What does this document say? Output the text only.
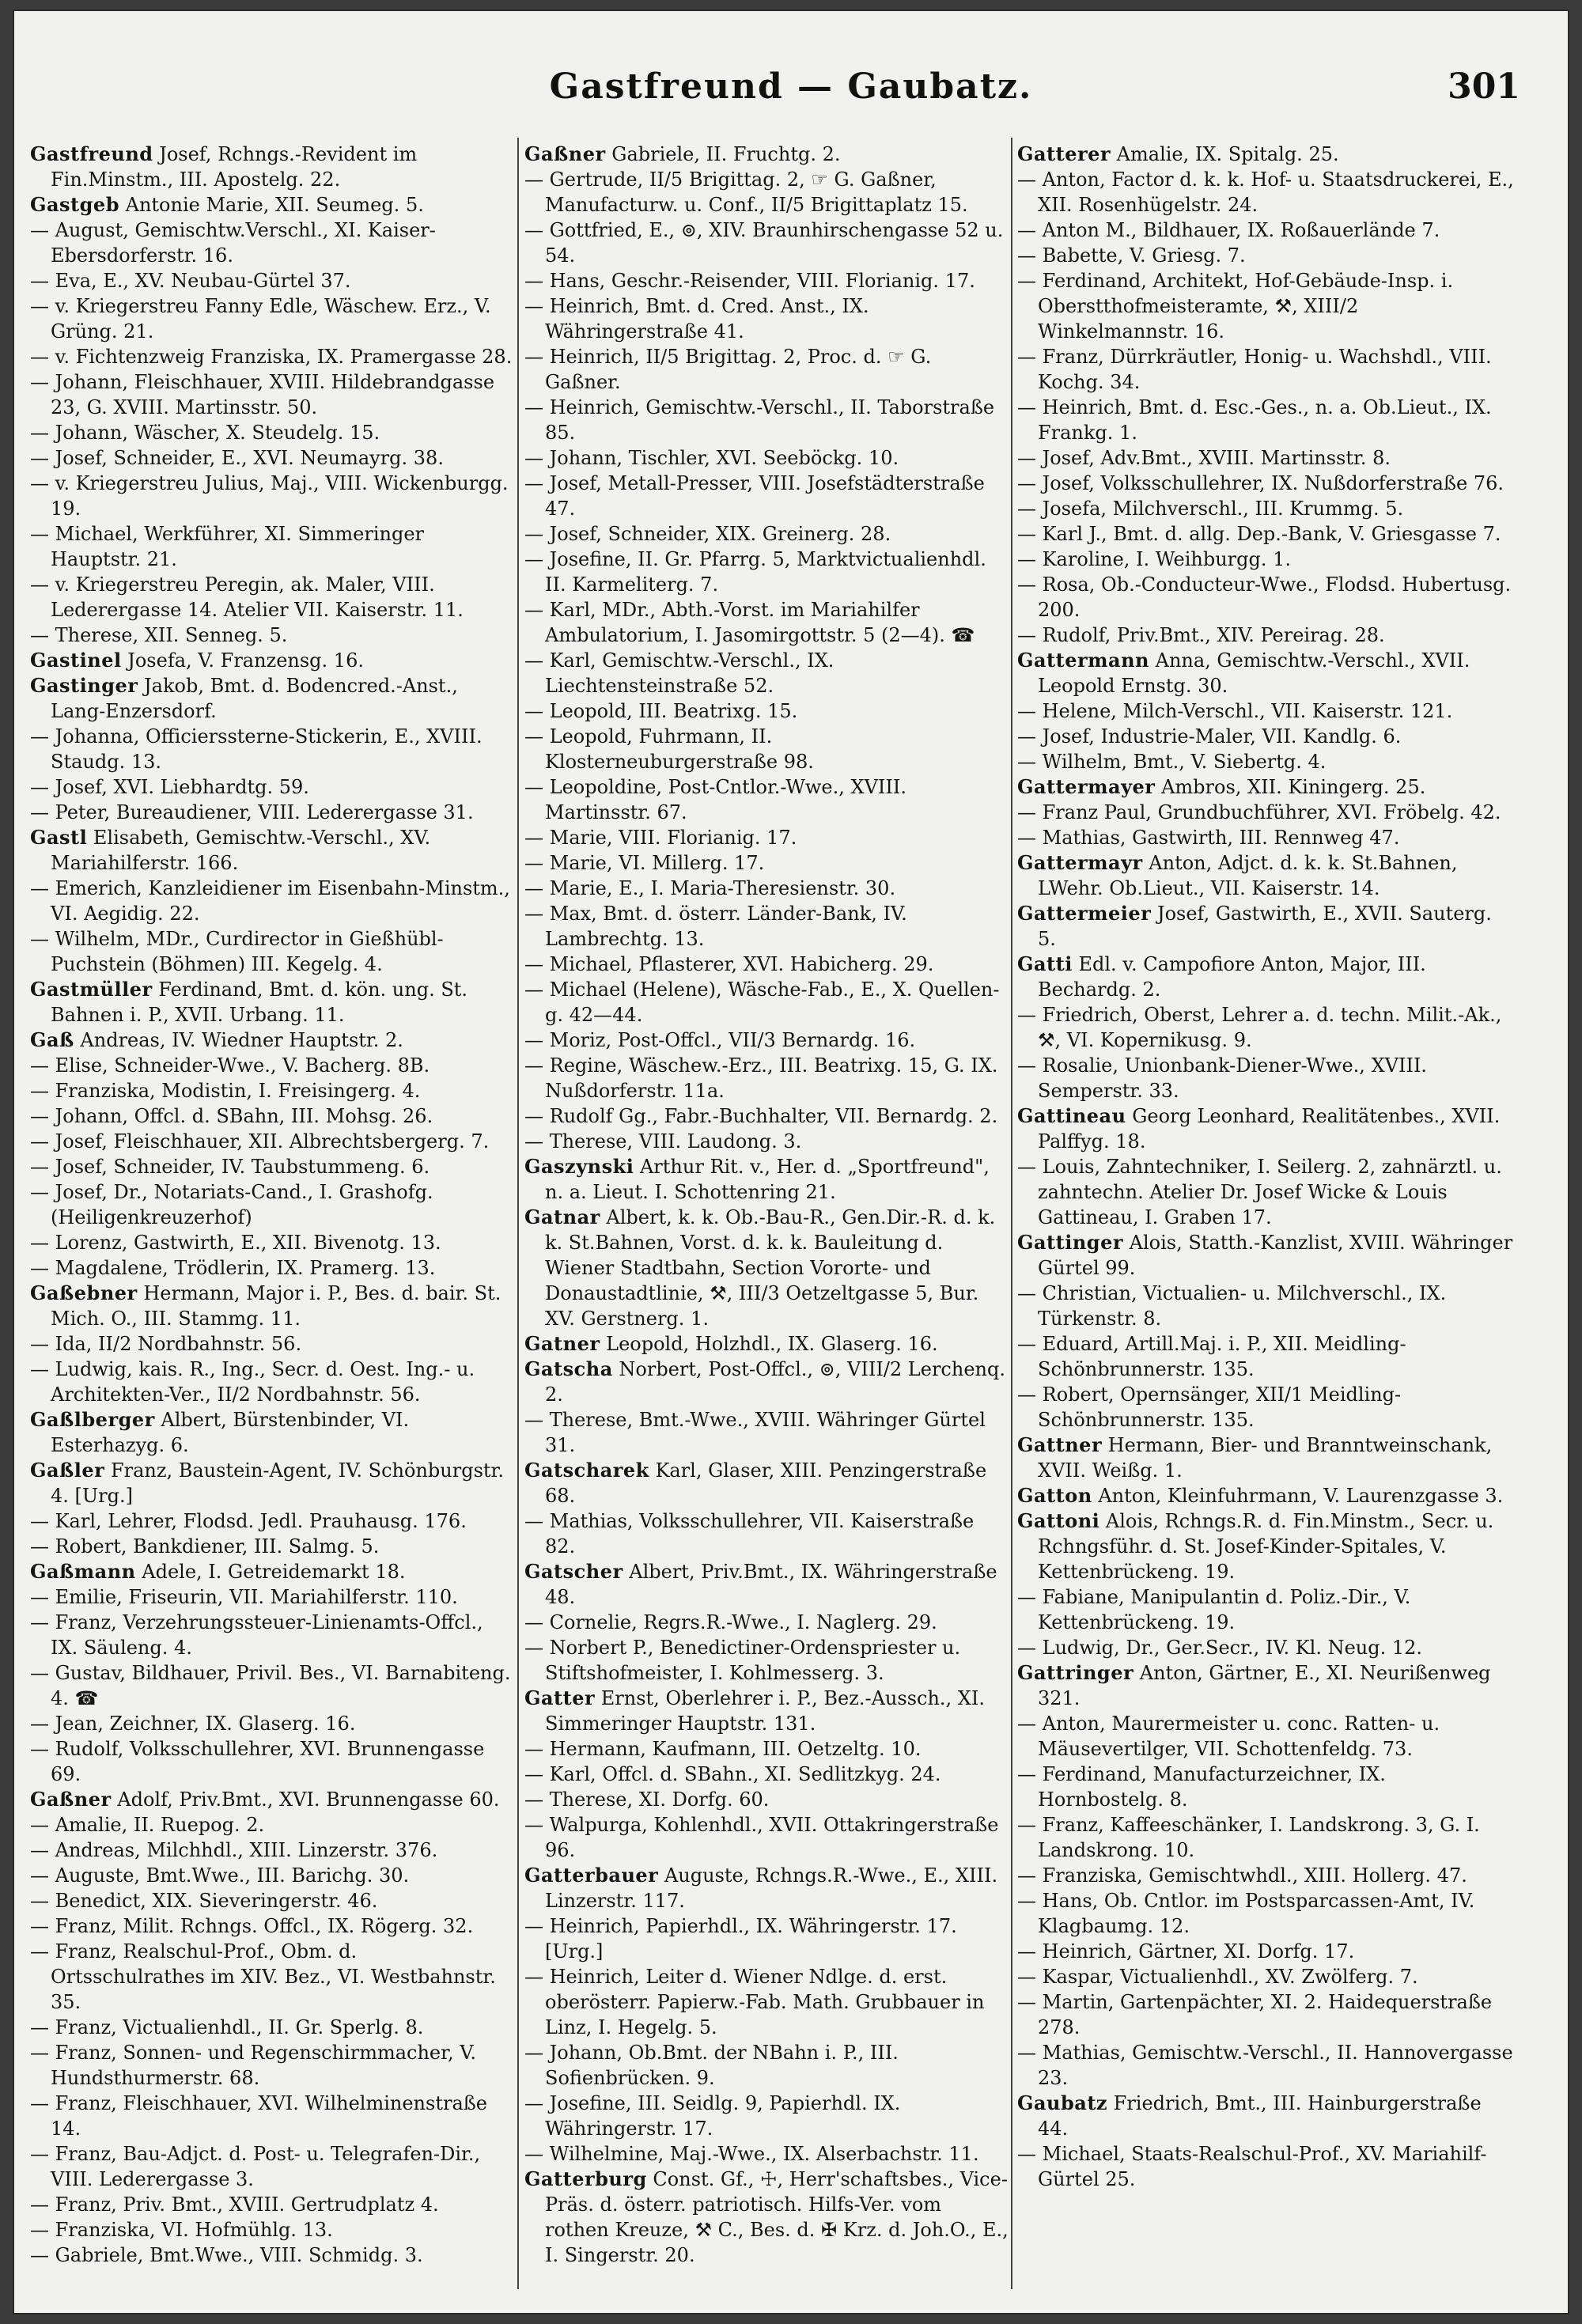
Gastfreund — Gaubatz.	301

Gastfreund Josef, Rchngs.-Revident im Fin.Minstm., III. Apostelg. 22.

Gastgeb Antonie Marie, XII. Seumeg. 5.

— August, Gemischtw.Verschl., XI. Kaiser-Ebersdorferstr. 16.

— Eva, E., XV. Neubau-Gürtel 37.

— v. Kriegerstreu Fanny Edle, Wäschew. Erz., V. Grüng. 21.

— v. Fichtenzweig Franziska, IX. Pramergasse 28.

— Johann, Fleischhauer, XVIII. Hildebrandgasse 23, G. XVIII. Martinsstr. 50.

— Johann, Wäscher, X. Steudelg. 15.

— Josef, Schneider, E., XVI. Neumayrg. 38.

— v. Kriegerstreu Julius, Maj., VIII. Wickenburgg. 19.

— Michael, Werkführer, XI. Simmeringer Hauptstr. 21.

— v. Kriegerstreu Peregin, ak. Maler, VIII. Lederergasse 14. Atelier VII. Kaiserstr. 11.

— Therese, XII. Senneg. 5.

Gastinel Josefa, V. Franzensg. 16.

Gastinger Jakob, Bmt. d. Bodencred.-Anst., Lang-Enzersdorf.

— Johanna, Officierssterne-Stickerin, E., XVIII. Staudg. 13.

— Josef, XVI. Liebhardtg. 59.

— Peter, Bureaudiener, VIII. Lederergasse 31.

Gastl Elisabeth, Gemischtw.-Verschl., XV. Mariahilferstr. 166.

— Emerich, Kanzleidiener im Eisenbahn-Minstm., VI. Aegidig. 22.

— Wilhelm, MDr., Curdirector in Gießhübl-Puchstein (Böhmen) III. Kegelg. 4.

Gastmüller Ferdinand, Bmt. d. kön. ung. St. Bahnen i. P., XVII. Urbang. 11.

Gaß Andreas, IV. Wiedner Hauptstr. 2.

— Elise, Schneider-Wwe., V. Bacherg. 8B.

— Franziska, Modistin, I. Freisingerg. 4.

— Johann, Offcl. d. SBahn, III. Mohsg. 26.

— Josef, Fleischhauer, XII. Albrechtsbergerg. 7.

— Josef, Schneider, IV. Taubstummeng. 6.

— Josef, Dr., Notariats-Cand., I. Grashofg. (Heiligenkreuzerhof)

— Lorenz, Gastwirth, E., XII. Bivenotg. 13.

— Magdalene, Trödlerin, IX. Pramerg. 13.

Gaßebner Hermann, Major i. P., Bes. d. bair. St. Mich. O., III. Stammg. 11.

— Ida, II/2 Nordbahnstr. 56.

— Ludwig, kais. R., Ing., Secr. d. Oest. Ing.- u. Architekten-Ver., II/2 Nordbahnstr. 56.

Gaßlberger Albert, Bürstenbinder, VI. Esterhazyg. 6.

Gaßler Franz, Baustein-Agent, IV. Schönburgstr. 4. [Urg.]

— Karl, Lehrer, Flodsd. Jedl. Prauhausg. 176.

— Robert, Bankdiener, III. Salmg. 5.

Gaßmann Adele, I. Getreidemarkt 18.

— Emilie, Friseurin, VII. Mariahilferstr. 110.

— Franz, Verzehrungssteuer-Linienamts-Offcl., IX. Säuleng. 4.

— Gustav, Bildhauer, Privil. Bes., VI. Barnabiteng. 4. ☎

— Jean, Zeichner, IX. Glaserg. 16.

— Rudolf, Volksschullehrer, XVI. Brunnengasse 69.

Gaßner Adolf, Priv.Bmt., XVI. Brunnengasse 60.

— Amalie, II. Ruepog. 2.

— Andreas, Milchhdl., XIII. Linzerstr. 376.

— Auguste, Bmt.Wwe., III. Barichg. 30.

— Benedict, XIX. Sieveringerstr. 46.

— Franz, Milit. Rchngs. Offcl., IX. Rögerg. 32.

— Franz, Realschul-Prof., Obm. d. Ortsschulrathes im XIV. Bez., VI. Westbahnstr. 35.

— Franz, Victualienhdl., II. Gr. Sperlg. 8.

— Franz, Sonnen- und Regenschirmmacher, V. Hundsthurmerstr. 68.

— Franz, Fleischhauer, XVI. Wilhelminenstraße 14.

— Franz, Bau-Adjct. d. Post- u. Telegrafen-Dir., VIII. Lederergasse 3.

— Franz, Priv. Bmt., XVIII. Gertrudplatz 4.

— Franziska, VI. Hofmühlg. 13.

— Gabriele, Bmt.Wwe., VIII. Schmidg. 3.

Gaßner Gabriele, II. Fruchtg. 2.

— Gertrude, II/5 Brigittag. 2, ☞ G. Gaßner, Manufacturw. u. Conf., II/5 Brigittaplatz 15.

— Gottfried, E., ⊚, XIV. Braunhirschengasse 52 u. 54.

— Hans, Geschr.-Reisender, VIII. Florianig. 17.

— Heinrich, Bmt. d. Cred. Anst., IX. Währingerstraße 41.

— Heinrich, II/5 Brigittag. 2, Proc. d. ☞ G. Gaßner.

— Heinrich, Gemischtw.-Verschl., II. Taborstraße 85.

— Johann, Tischler, XVI. Seeböckg. 10.

— Josef, Metall-Presser, VIII. Josefstädterstraße 47.

— Josef, Schneider, XIX. Greinerg. 28.

— Josefine, II. Gr. Pfarrg. 5, Marktvictualienhdl. II. Karmeliterg. 7.

— Karl, MDr., Abth.-Vorst. im Mariahilfer Ambulatorium, I. Jasomirgottstr. 5 (2—4). ☎

— Karl, Gemischtw.-Verschl., IX. Liechtensteinstraße 52.

— Leopold, III. Beatrixg. 15.

— Leopold, Fuhrmann, II. Klosterneuburgerstraße 98.

— Leopoldine, Post-Cntlor.-Wwe., XVIII. Martinsstr. 67.

— Marie, VIII. Florianig. 17.

— Marie, VI. Millerg. 17.

— Marie, E., I. Maria-Theresienstr. 30.

— Max, Bmt. d. österr. Länder-Bank, IV. Lambrechtg. 13.

— Michael, Pflasterer, XVI. Habicherg. 29.

— Michael (Helene), Wäsche-Fab., E., X. Quelleng. 42—44.

— Moriz, Post-Offcl., VII/3 Bernardg. 16.

— Regine, Wäschew.-Erz., III. Beatrixg. 15, G. IX. Nußdorferstr. 11a.

— Rudolf Gg., Fabr.-Buchhalter, VII. Bernardg. 2.

— Therese, VIII. Laudong. 3.

Gaszynski Arthur Rit. v., Her. d. „Sportfreund", n. a. Lieut. I. Schottenring 21.

Gatnar Albert, k. k. Ob.-Bau-R., Gen.Dir.-R. d. k. k. St.Bahnen, Vorst. d. k. k. Bauleitung d. Wiener Stadtbahn, Section Vororte- und Donaustadtlinie, ⚒, III/3 Oetzeltgasse 5, Bur. XV. Gerstnerg. 1.

Gatner Leopold, Holzhdl., IX. Glaserg. 16.

Gatscha Norbert, Post-Offcl., ⊚, VIII/2 Lerchenq. 2.

— Therese, Bmt.-Wwe., XVIII. Währinger Gürtel 31.

Gatscharek Karl, Glaser, XIII. Penzingerstraße 68.

— Mathias, Volksschullehrer, VII. Kaiserstraße 82.

Gatscher Albert, Priv.Bmt., IX. Währingerstraße 48.

— Cornelie, Regrs.R.-Wwe., I. Naglerg. 29.

— Norbert P., Benedictiner-Ordenspriester u. Stiftshofmeister, I. Kohlmesserg. 3.

Gatter Ernst, Oberlehrer i. P., Bez.-Aussch., XI. Simmeringer Hauptstr. 131.

— Hermann, Kaufmann, III. Oetzeltg. 10.

— Karl, Offcl. d. SBahn., XI. Sedlitzkyg. 24.

— Therese, XI. Dorfg. 60.

— Walpurga, Kohlenhdl., XVII. Ottakringerstraße 96.

Gatterbauer Auguste, Rchngs.R.-Wwe., E., XIII. Linzerstr. 117.

— Heinrich, Papierhdl., IX. Währingerstr. 17. [Urg.]

— Heinrich, Leiter d. Wiener Ndlge. d. erst. oberösterr. Papierw.-Fab. Math. Grubbauer in Linz, I. Hegelg. 5.

— Johann, Ob.Bmt. der NBahn i. P., III. Sofienbrücken. 9.

— Josefine, III. Seidlg. 9, Papierhdl. IX. Währingerstr. 17.

— Wilhelmine, Maj.-Wwe., IX. Alserbachstr. 11.

Gatterburg Const. Gf., ☩, Herr'schaftsbes., Vice-Präs. d. österr. patriotisch. Hilfs-Ver. vom rothen Kreuze, ⚒ C., Bes. d. ✠ Krz. d. Joh.O., E., I. Singerstr. 20.

Gatterer Amalie, IX. Spitalg. 25.

— Anton, Factor d. k. k. Hof- u. Staatsdruckerei, E., XII. Rosenhügelstr. 24.

— Anton M., Bildhauer, IX. Roßauerlände 7.

— Babette, V. Griesg. 7.

— Ferdinand, Architekt, Hof-Gebäude-Insp. i. Oberstthofmeisteramte, ⚒, XIII/2 Winkelmannstr. 16.

— Franz, Dürrkräutler, Honig- u. Wachshdl., VIII. Kochg. 34.

— Heinrich, Bmt. d. Esc.-Ges., n. a. Ob.Lieut., IX. Frankg. 1.

— Josef, Adv.Bmt., XVIII. Martinsstr. 8.

— Josef, Volksschullehrer, IX. Nußdorferstraße 76.

— Josefa, Milchverschl., III. Krummg. 5.

— Karl J., Bmt. d. allg. Dep.-Bank, V. Griesgasse 7.

— Karoline, I. Weihburgg. 1.

— Rosa, Ob.-Conducteur-Wwe., Flodsd. Hubertusg. 200.

— Rudolf, Priv.Bmt., XIV. Pereirag. 28.

Gattermann Anna, Gemischtw.-Verschl., XVII. Leopold Ernstg. 30.

— Helene, Milch-Verschl., VII. Kaiserstr. 121.

— Josef, Industrie-Maler, VII. Kandlg. 6.

— Wilhelm, Bmt., V. Siebertg. 4.

Gattermayer Ambros, XII. Kiningerg. 25.

— Franz Paul, Grundbuchführer, XVI. Fröbelg. 42.

— Mathias, Gastwirth, III. Rennweg 47.

Gattermayr Anton, Adjct. d. k. k. St.Bahnen, LWehr. Ob.Lieut., VII. Kaiserstr. 14.

Gattermeier Josef, Gastwirth, E., XVII. Sauterg. 5.

Gatti Edl. v. Campofiore Anton, Major, III. Bechardg. 2.

— Friedrich, Oberst, Lehrer a. d. techn. Milit.-Ak., ⚒, VI. Kopernikusg. 9.

— Rosalie, Unionbank-Diener-Wwe., XVIII. Semperstr. 33.

Gattineau Georg Leonhard, Realitätenbes., XVII. Palffyg. 18.

— Louis, Zahntechniker, I. Seilerg. 2, zahnärztl. u. zahntechn. Atelier Dr. Josef Wicke & Louis Gattineau, I. Graben 17.

Gattinger Alois, Statth.-Kanzlist, XVIII. Währinger Gürtel 99.

— Christian, Victualien- u. Milchverschl., IX. Türkenstr. 8.

— Eduard, Artill.Maj. i. P., XII. Meidling-Schönbrunnerstr. 135.

— Robert, Opernsänger, XII/1 Meidling-Schönbrunnerstr. 135.

Gattner Hermann, Bier- und Branntweinschank, XVII. Weißg. 1.

Gatton Anton, Kleinfuhrmann, V. Laurenzgasse 3.

Gattoni Alois, Rchngs.R. d. Fin.Minstm., Secr. u. Rchngsführ. d. St. Josef-Kinder-Spitales, V. Kettenbrückeng. 19.

— Fabiane, Manipulantin d. Poliz.-Dir., V. Kettenbrückeng. 19.

— Ludwig, Dr., Ger.Secr., IV. Kl. Neug. 12.

Gattringer Anton, Gärtner, E., XI. Neurißenweg 321.

— Anton, Maurermeister u. conc. Ratten- u. Mäusevertilger, VII. Schottenfeldg. 73.

— Ferdinand, Manufacturzeichner, IX. Hornbostelg. 8.

— Franz, Kaffeeschänker, I. Landskrong. 3, G. I. Landskrong. 10.

— Franziska, Gemischtwhdl., XIII. Hollerg. 47.

— Hans, Ob. Cntlor. im Postsparcassen-Amt, IV. Klagbaumg. 12.

— Heinrich, Gärtner, XI. Dorfg. 17.

— Kaspar, Victualienhdl., XV. Zwölferg. 7.

— Martin, Gartenpächter, XI. 2. Haidequerstraße 278.

— Mathias, Gemischtw.-Verschl., II. Hannovergasse 23.

Gaubatz Friedrich, Bmt., III. Hainburgerstraße 44.

— Michael, Staats-Realschul-Prof., XV. Mariahilf-Gürtel 25.
